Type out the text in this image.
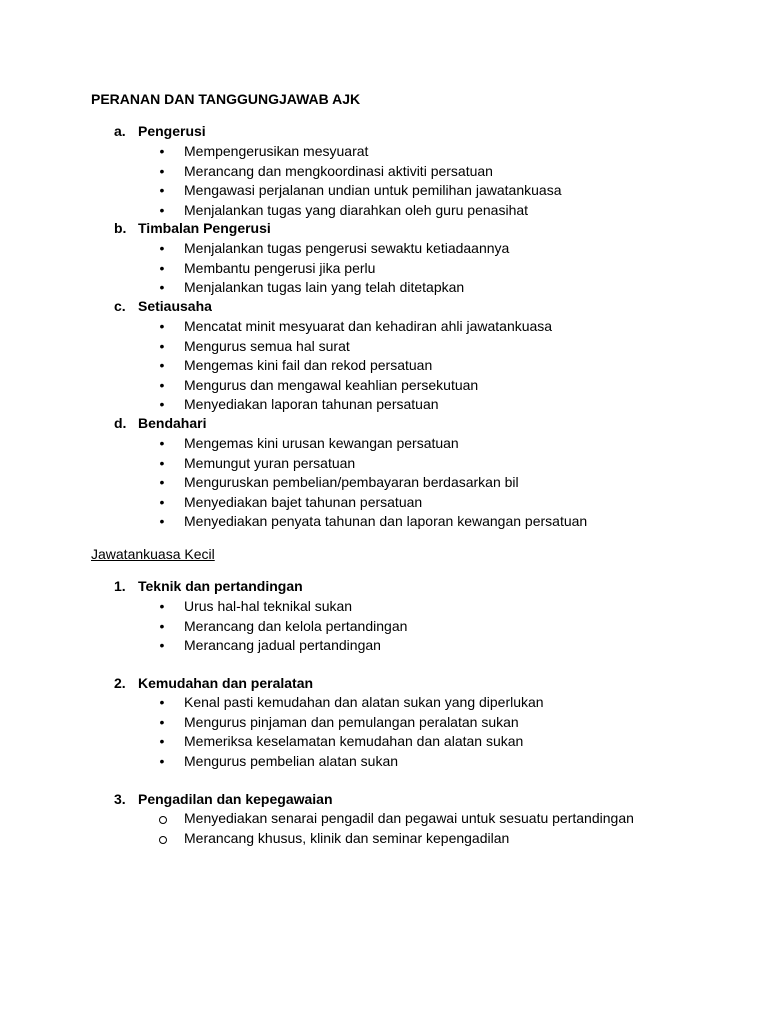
PERANAN DAN TANGGUNGJAWAB AJK
a. Pengerusi
•	Mempengerusikan mesyuarat
•	Merancang dan mengkoordinasi aktiviti persatuan
•	Mengawasi perjalanan undian untuk pemilihan jawatankuasa
•	Menjalankan tugas yang diarahkan oleh guru penasihat
b. Timbalan Pengerusi
•	Menjalankan tugas pengerusi sewaktu ketiadaannya
•	Membantu pengerusi jika perlu
•	Menjalankan tugas lain yang telah ditetapkan
c. Setiausaha
•	Mencatat minit mesyuarat dan kehadiran ahli jawatankuasa
•	Mengurus semua hal surat
•	Mengemas kini fail dan rekod persatuan
•	Mengurus dan mengawal keahlian persekutuan
•	Menyediakan laporan tahunan persatuan
d. Bendahari
•	Mengemas kini urusan kewangan persatuan
•	Memungut yuran persatuan
•	Menguruskan pembelian/pembayaran berdasarkan bil
•	Menyediakan bajet tahunan persatuan
•	Menyediakan penyata tahunan dan laporan kewangan persatuan
Jawatankuasa Kecil
1. Teknik dan pertandingan
•	Urus hal-hal teknikal sukan
•	Merancang dan kelola pertandingan
•	Merancang jadual pertandingan
2. Kemudahan dan peralatan
•	Kenal pasti kemudahan dan alatan sukan yang diperlukan
•	Mengurus pinjaman dan pemulangan peralatan sukan
•	Memeriksa keselamatan kemudahan dan alatan sukan
•	Mengurus pembelian alatan sukan
3. Pengadilan dan kepegawaian
Menyediakan senarai pengadil dan pegawai untuk sesuatu pertandingan
Merancang khusus, klinik dan seminar kepengadilan
